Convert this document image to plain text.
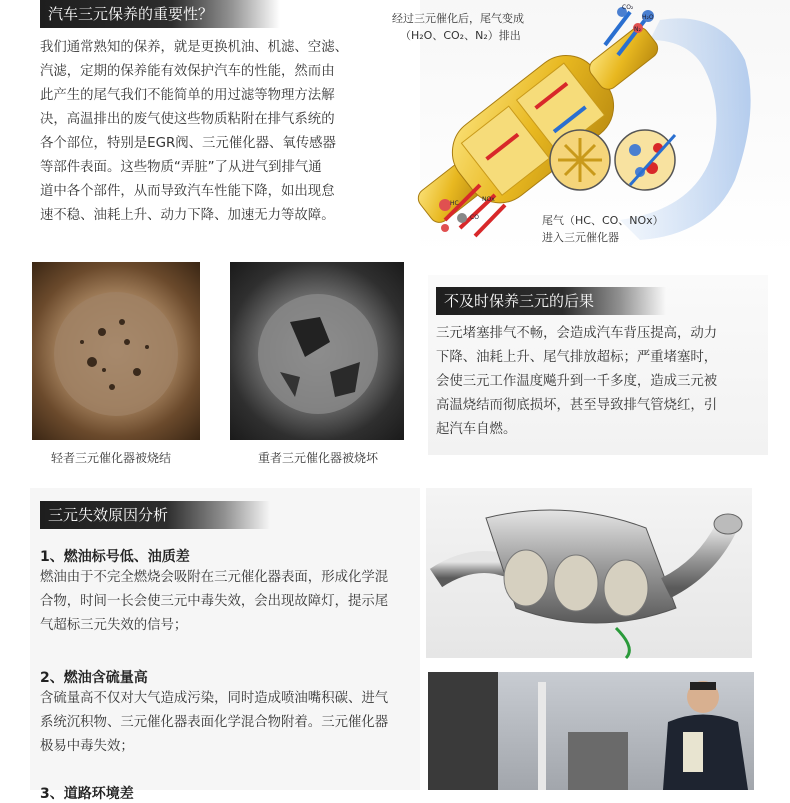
汽车三元保养的重要性？

我们通常熟知的保养，就是更换机油、机滤、空滤、

汽滤，定期的保养能有效保护汽车的性能，然而由

此产生的尾气我们不能简单的用过滤等物理方法解

决，高温排出的废气使这些物质粘附在排气系统的

各个部位，特别是EGR阀、三元催化器、氧传感器

等部件表面。这些物质“弄脏”了从进气到排气通

道中各个部件，从而导致汽车性能下降，如出现怠

速不稳、油耗上升、动力下降、加速无力等故障。

经过三元催化后，尾气变成
（H₂O、CO₂、N₂）排出
尾气（HC、CO、NOx）
进入三元催化器
CO₂
H₂O
N₂
HC
CO
NOx
轻者三元催化器被烧结	重者三元催化器被烧坏
不及时保养三元的后果

三元堵塞排气不畅，会造成汽车背压提高，动力

下降、油耗上升、尾气排放超标；严重堵塞时，

会使三元工作温度飚升到一千多度，造成三元被

高温烧结而彻底损坏，甚至导致排气管烧红，引

起汽车自燃。

三元失效原因分析
1、燃油标号低、油质差

燃油由于不完全燃烧会吸附在三元催化器表面，形成化学混

合物，时间一长会使三元中毒失效，会出现故障灯，提示尾

气超标三元失效的信号；

2、燃油含硫量高

含硫量高不仅对大气造成污染，同时造成喷油嘴积碳、进气

系统沉积物、三元催化器表面化学混合物附着。三元催化器

极易中毒失效；

3、道路环境差
